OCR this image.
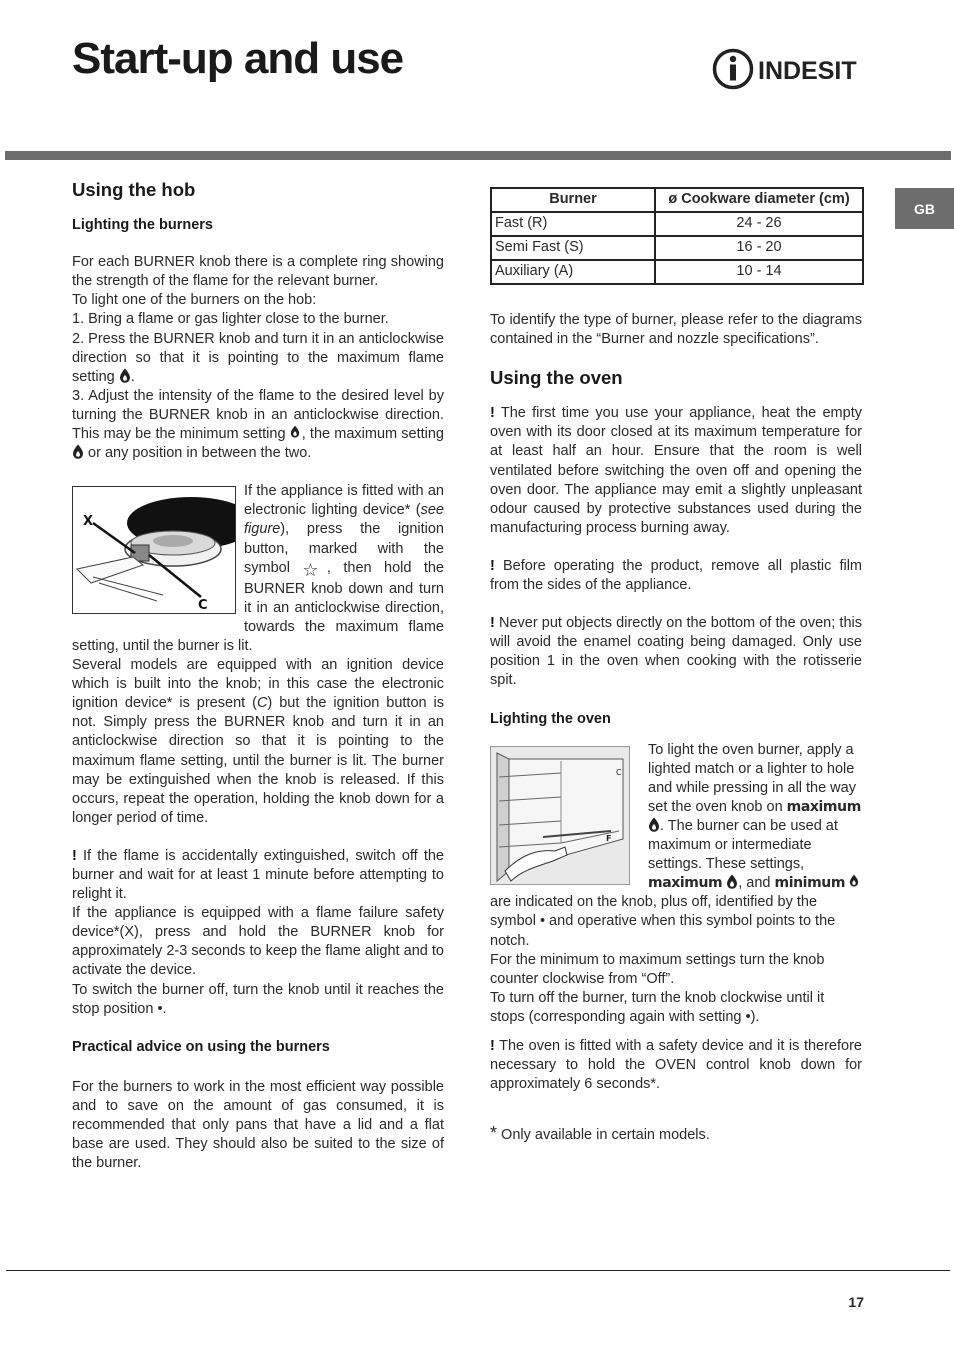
Start-up and use	INDESIT
GB
Using the hob
Lighting the burners

For each BURNER knob there is a complete ring showing the strength of the flame for the relevant burner.

To light one of the burners on the hob:

1. Bring a flame or gas lighter close to the burner.

2. Press the BURNER knob and turn it in an anticlockwise direction so that it is pointing to the maximum flame setting .

3. Adjust the intensity of the flame to the desired level by turning the BURNER knob in an anticlockwise direction. This may be the minimum setting , the maximum setting
or any position in between the two.

X
C

If the appliance is fitted with an electronic lighting device* (see figure), press the ignition button, marked with the symbol ☆, then hold the BURNER knob down and turn it in an anticlockwise direction, towards the maximum flame setting, until the burner is lit.

Several models are equipped with an ignition device which is built into the knob; in this case the electronic ignition device* is present (C) but the ignition button is not. Simply press the BURNER knob and turn it in an anticlockwise direction so that it is pointing to the maximum flame setting, until the burner is lit. The burner may be extinguished when the knob is released. If this occurs, repeat the operation, holding the knob down for a longer period of time.

! If the flame is accidentally extinguished, switch off the burner and wait for at least 1 minute before attempting to relight it.

If the appliance is equipped with a flame failure safety device*(X), press and hold the BURNER knob for approximately 2-3 seconds to keep the flame alight and to activate the device.

To switch the burner off, turn the knob until it reaches the stop position •.

Practical advice on using the burners

For the burners to work in the most efficient way possible and to save on the amount of gas consumed, it is recommended that only pans that have a lid and a flat base are used. They should also be suited to the size of the burner.

Burner	ø Cookware diameter (cm)
Fast (R)	24 - 26
Semi Fast (S)	16 - 20
Auxiliary (A)	10 - 14

To identify the type of burner, please refer to the diagrams contained in the “Burner and nozzle specifications”.

Using the oven

! The first time you use your appliance, heat the empty oven with its door closed at its maximum temperature for at least half an hour. Ensure that the room is well ventilated before switching the oven off and opening the oven door. The appliance may emit a slightly unpleasant odour caused by protective substances used during the manufacturing process burning away.

! Before operating the product, remove all plastic film from the sides of the appliance.

! Never put objects directly on the bottom of the oven; this will avoid the enamel coating being damaged. Only use position 1 in the oven when cooking with the rotisserie spit.

Lighting the oven
C
F

To light the oven burner, apply a lighted match or a lighter to hole and while pressing in all the way set the oven knob on maximum
. The burner can be used at maximum or intermediate settings. These settings, maximum , and minimum
are indicated on the knob, plus off, identified by the symbol • and operative when this symbol points to the notch.

For the minimum to maximum settings turn the knob counter clockwise from “Off”.

To turn off the burner, turn the knob clockwise until it stops (corresponding again with setting •).

! The oven is fitted with a safety device and it is therefore necessary to hold the OVEN control knob down for approximately 6 seconds*.

* Only available in certain models.

17
